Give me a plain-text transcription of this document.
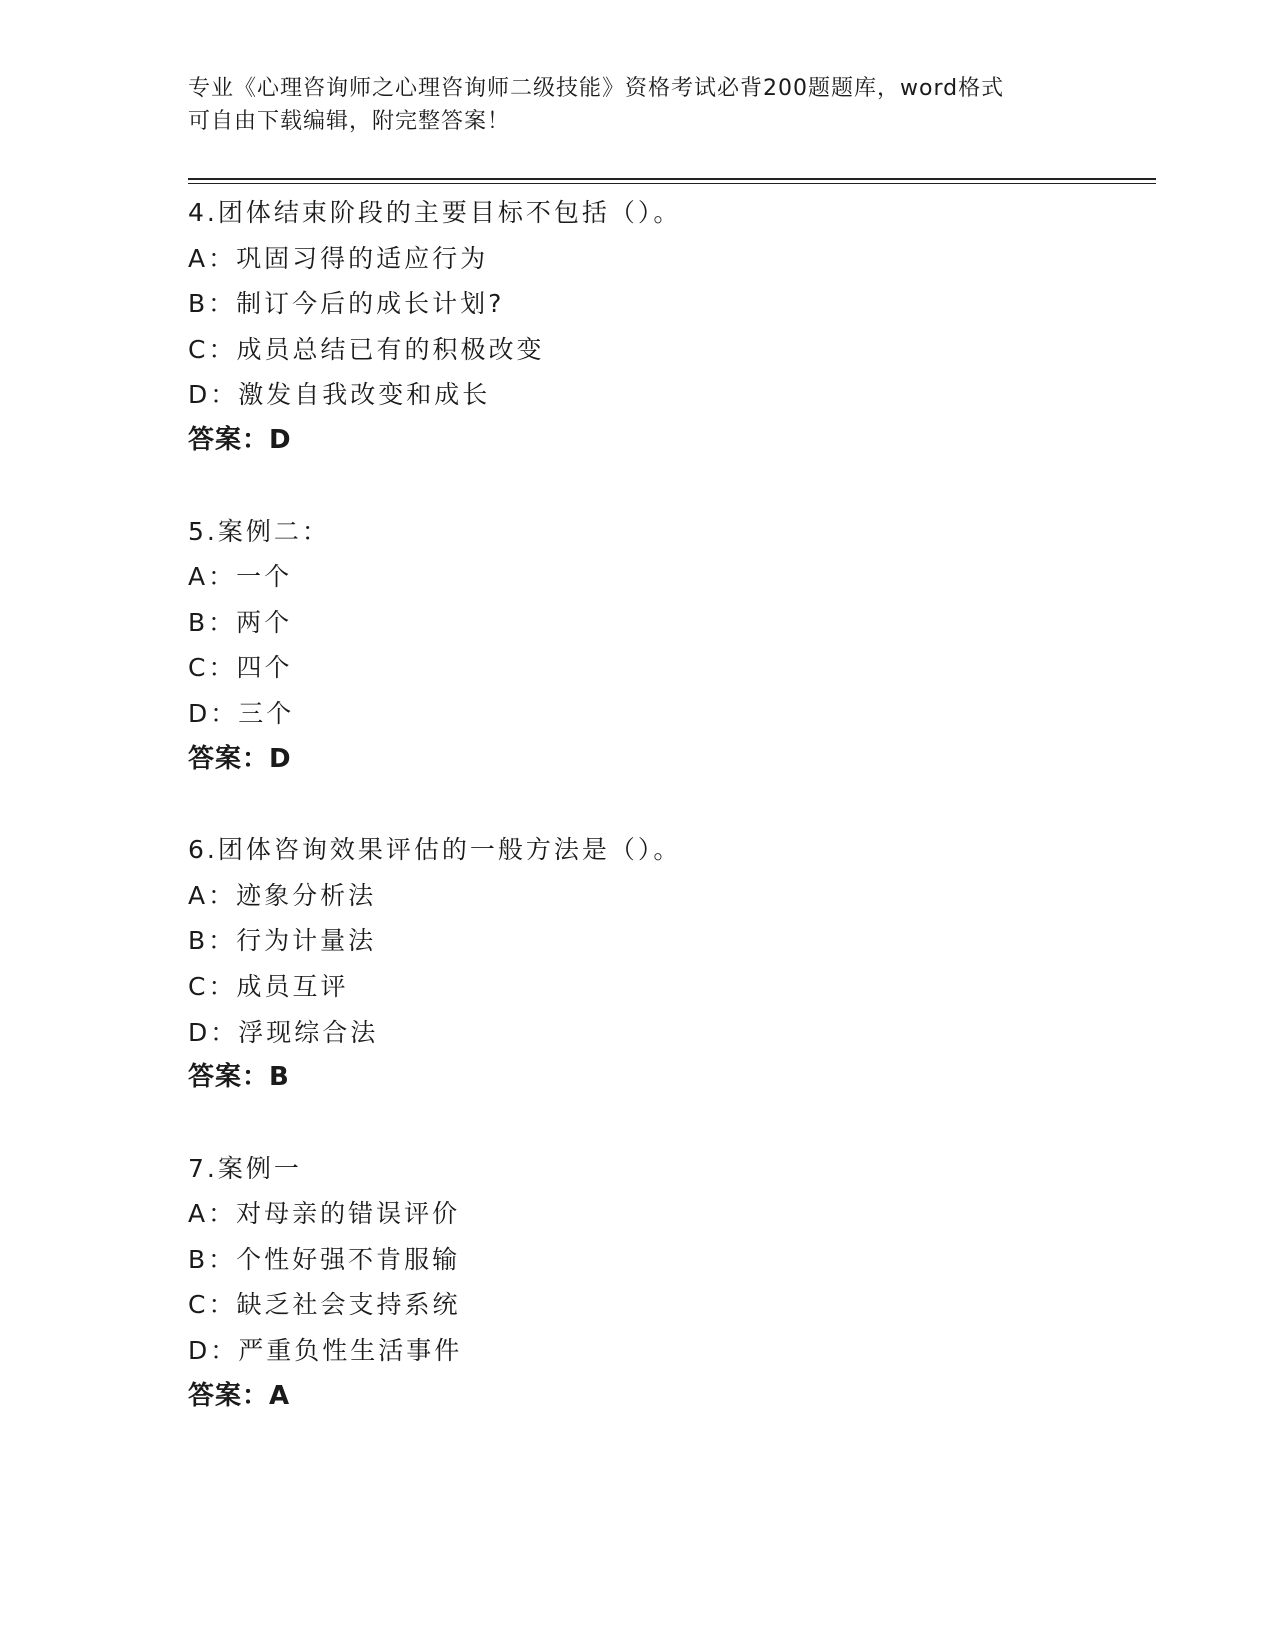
专业《心理咨询师之心理咨询师二级技能》资格考试必背200题题库，word格式
可自由下载编辑，附完整答案！
4.团体结束阶段的主要目标不包括（）。
A：巩固习得的适应行为
B：制订今后的成长计划?
C：成员总结已有的积极改变
D：激发自我改变和成长
答案：D
5.案例二：
A：一个
B：两个
C：四个
D：三个
答案：D
6.团体咨询效果评估的一般方法是（）。
A：迹象分析法
B：行为计量法
C：成员互评
D：浮现综合法
答案：B
7.案例一
A：对母亲的错误评价
B：个性好强不肯服输
C：缺乏社会支持系统
D：严重负性生活事件
答案：A
